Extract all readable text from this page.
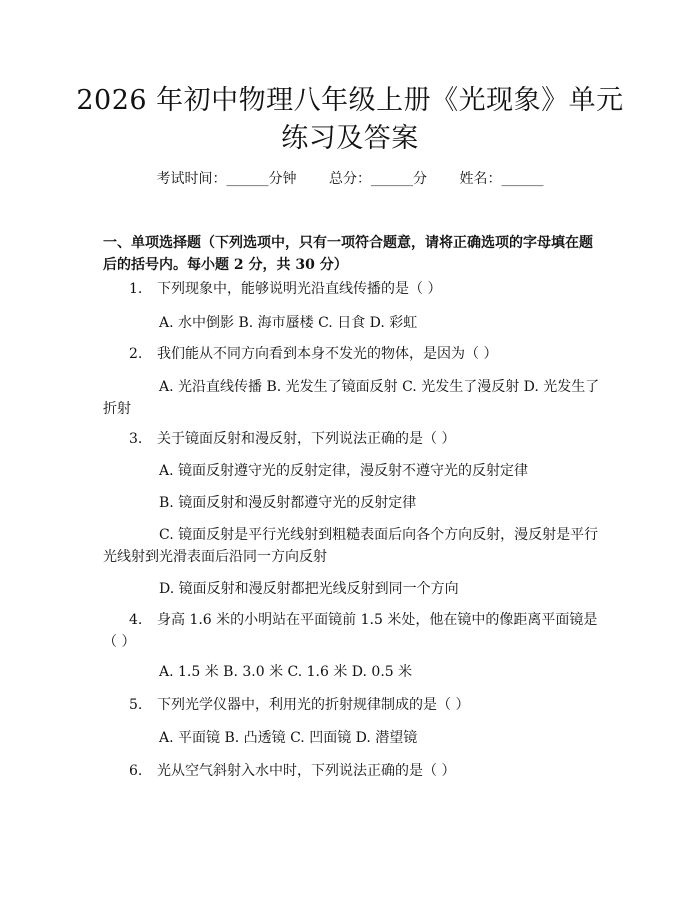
2026 年初中物理八年级上册《光现象》单元练习及答案
考试时间：______分钟 总分：______分 姓名：______
一、单项选择题（下列选项中，只有一项符合题意，请将正确选项的字母填在题后的括号内。每小题 2 分，共 30 分）
1. 下列现象中，能够说明光沿直线传播的是（ ）
A. 水中倒影 B. 海市蜃楼 C. 日食 D. 彩虹
2. 我们能从不同方向看到本身不发光的物体，是因为（ ）
A. 光沿直线传播 B. 光发生了镜面反射 C. 光发生了漫反射 D. 光发生了折射
3. 关于镜面反射和漫反射，下列说法正确的是（ ）
A. 镜面反射遵守光的反射定律，漫反射不遵守光的反射定律
B. 镜面反射和漫反射都遵守光的反射定律
C. 镜面反射是平行光线射到粗糙表面后向各个方向反射，漫反射是平行光线射到光滑表面后沿同一方向反射
D. 镜面反射和漫反射都把光线反射到同一个方向
4. 身高 1.6 米的小明站在平面镜前 1.5 米处，他在镜中的像距离平面镜是（ ）
A. 1.5 米 B. 3.0 米 C. 1.6 米 D. 0.5 米
5. 下列光学仪器中，利用光的折射规律制成的是（ ）
A. 平面镜 B. 凸透镜 C. 凹面镜 D. 潜望镜
6. 光从空气斜射入水中时，下列说法正确的是（ ）
